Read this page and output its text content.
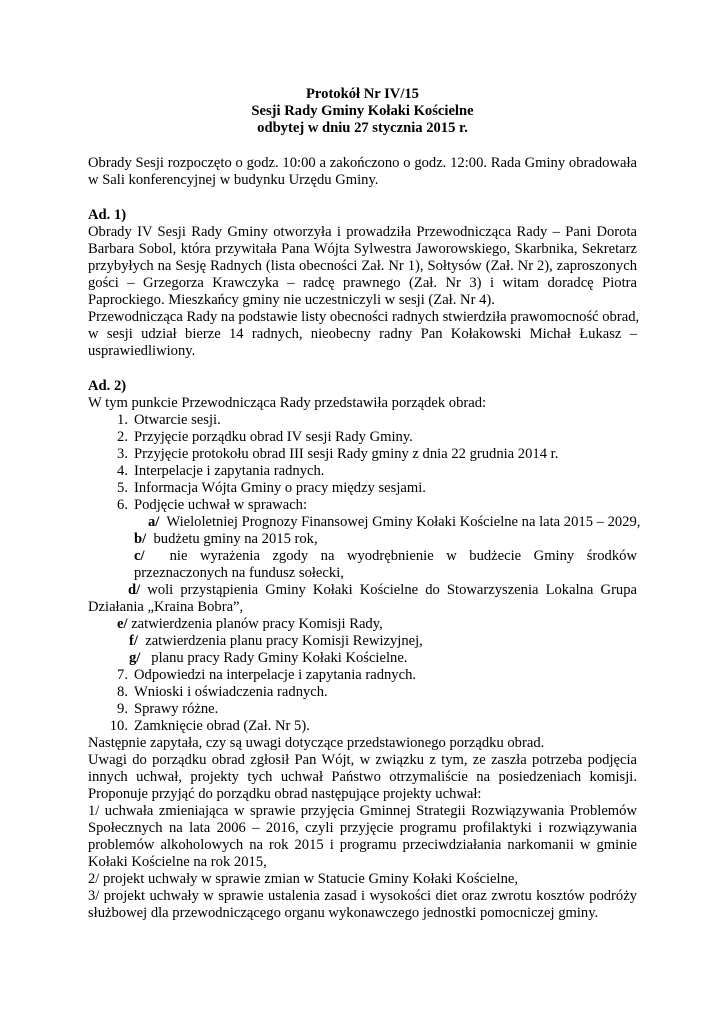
Protokół Nr IV/15
Sesji Rady Gminy Kołaki Kościelne
odbytej w dniu 27 stycznia 2015 r.
Obrady Sesji rozpoczęto o godz. 10:00 a zakończono o godz. 12:00. Rada Gminy obradowała
w Sali konferencyjnej w budynku Urzędu Gminy.
Ad. 1)
Obrady IV Sesji Rady Gminy otworzyła i prowadziła Przewodnicząca Rady – Pani Dorota
Barbara Sobol, która przywitała Pana Wójta Sylwestra Jaworowskiego, Skarbnika, Sekretarz
przybyłych na Sesję Radnych (lista obecności Zał. Nr 1), Sołtysów (Zał. Nr 2), zaproszonych
gości – Grzegorza Krawczyka – radcę prawnego (Zał. Nr 3) i witam doradcę Piotra
Paprockiego. Mieszkańcy gminy nie uczestniczyli w sesji (Zał. Nr 4).
Przewodnicząca Rady na podstawie listy obecności radnych stwierdziła prawomocność obrad,
w sesji udział bierze 14 radnych, nieobecny radny Pan Kołakowski Michał Łukasz –
usprawiedliwiony.
Ad. 2)
W tym punkcie Przewodnicząca Rady przedstawiła porządek obrad:
1. Otwarcie sesji.
2. Przyjęcie porządku obrad IV sesji Rady Gminy.
3. Przyjęcie protokołu obrad III sesji Rady gminy z dnia 22 grudnia 2014 r.
4. Interpelacje i zapytania radnych.
5. Informacja Wójta Gminy o pracy między sesjami.
6. Podjęcie uchwał w sprawach:
a/  Wieloletniej Prognozy Finansowej Gminy Kołaki Kościelne na lata 2015 – 2029,
b/  budżetu gminy na 2015 rok,
c/  nie wyrażenia zgody na wyodrębnienie w budżecie Gminy środków
przeznaczonych na fundusz sołecki,
d/ woli przystąpienia Gminy Kołaki Kościelne do Stowarzyszenia Lokalna Grupa
Działania „Kraina Bobra”,
e/ zatwierdzenia planów pracy Komisji Rady,
f/  zatwierdzenia planu pracy Komisji Rewizyjnej,
g/   planu pracy Rady Gminy Kołaki Kościelne.
7. Odpowiedzi na interpelacje i zapytania radnych.
8. Wnioski i oświadczenia radnych.
9. Sprawy różne.
10. Zamknięcie obrad (Zał. Nr 5).
Następnie zapytała, czy są uwagi dotyczące przedstawionego porządku obrad.
Uwagi do porządku obrad zgłosił Pan Wójt, w związku z tym, ze zaszła potrzeba podjęcia
innych uchwał, projekty tych uchwał Państwo otrzymaliście na posiedzeniach komisji.
Proponuje przyjąć do porządku obrad następujące projekty uchwał:
1/ uchwała zmieniająca w sprawie przyjęcia Gminnej Strategii Rozwiązywania Problemów
Społecznych na lata 2006 – 2016, czyli przyjęcie programu profilaktyki i rozwiązywania
problemów alkoholowych na rok 2015 i programu przeciwdziałania narkomanii w gminie
Kołaki Kościelne na rok 2015,
2/ projekt uchwały w sprawie zmian w Statucie Gminy Kołaki Kościelne,
3/ projekt uchwały w sprawie ustalenia zasad i wysokości diet oraz zwrotu kosztów podróży
służbowej dla przewodniczącego organu wykonawczego jednostki pomocniczej gminy.
